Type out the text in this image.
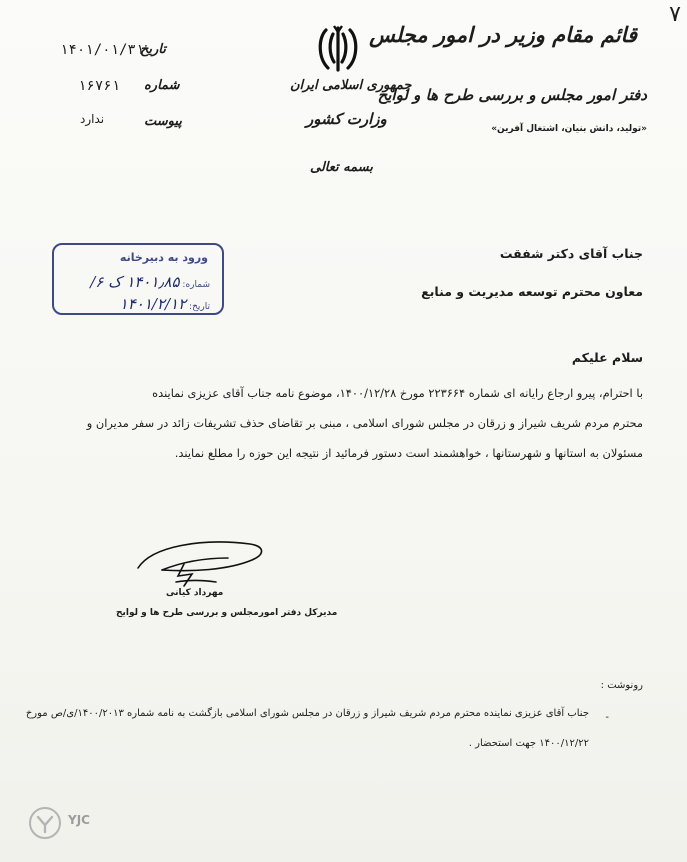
٧
قائم مقام وزیر در امور مجلس
دفتر امور مجلس و بررسی طرح ها و لوایح
«تولید، دانش بنیان، اشتغال آفرین»
جمهوری اسلامی ایران
وزارت کشور
بسمه تعالی
تاریخ
۱۴۰۱/۰۱/۳۱
شماره
۱۶۷۶۱
پیوست
ندارد
ورود به دبیرخانه
شماره: ۱۴۰۱٫۸۵ ک ۶/
تاریخ: ۱۴۰۱/۲/۱۲
جناب آقای دکتر شفقت
معاون محترم توسعه مدیریت و منابع
سلام علیکم
با احترام، پیرو ارجاع رایانه ای شماره ۲۲۳۶۶۴ مورخ ۱۴۰۰/۱۲/۲۸، موضوع نامه جناب آقای عزیزی نماینده
محترم مردم شریف شیراز و زرقان در مجلس شورای اسلامی ، مبنی بر تقاضای حذف تشریفات زائد در سفر مدیران و
مسئولان به استانها و شهرستانها ، خواهشمند است دستور فرمائید از نتیجه این حوزه را مطلع نمایند.
مهرداد کیانی
مدیرکل دفتر امورمجلس و بررسی طرح ها و لوایح
رونوشت :
-
جناب آقای عزیزی نماینده محترم مردم شریف شیراز و زرقان در مجلس شورای اسلامی بازگشت به نامه شماره ۱۴۰۰/۲۰۱۳/ی/ص مورخ
۱۴۰۰/۱۲/۲۲ جهت استحضار .
YJC
